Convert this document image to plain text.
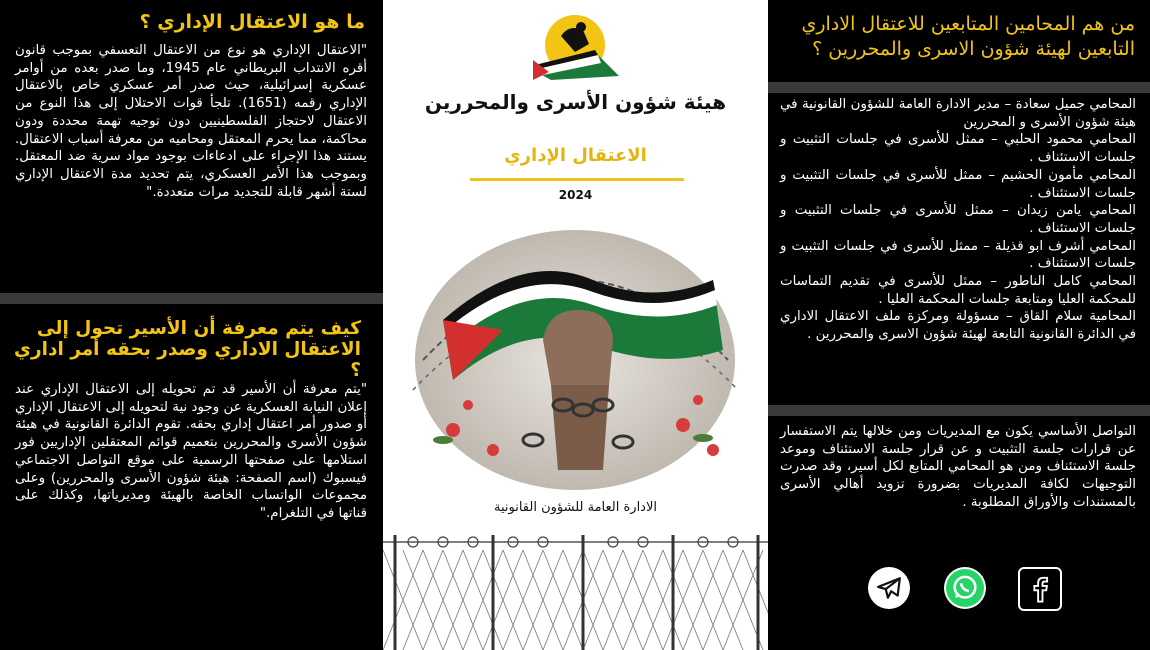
ما هو الاعتقال الإداري ؟

"الاعتقال الإداري هو نوع من الاعتقال التعسفي بموجب قانون أقره الانتداب البريطاني عام 1945، وما صدر بعده من أوامر عسكرية إسرائيلية، حيث صدر أمر عسكري خاص بالاعتقال الإداري رقمه (1651). تلجأ قوات الاحتلال إلى هذا النوع من الاعتقال لاحتجاز الفلسطينيين دون توجيه تهمة محددة ودون محاكمة، مما يحرم المعتقل ومحاميه من معرفة أسباب الاعتقال. يستند هذا الإجراء على ادعاءات بوجود مواد سرية ضد المعتقل. وبموجب هذا الأمر العسكري، يتم تحديد مدة الاعتقال الإداري لستة أشهر قابلة للتجديد مرات متعددة."

كيف يتم معرفة أن الأسير تحول إلى الاعتقال الاداري وصدر بحقه أمر اداري ؟

"يتم معرفة أن الأسير قد تم تحويله إلى الاعتقال الإداري عند إعلان النيابة العسكرية عن وجود نية لتحويله إلى الاعتقال الإداري أو صدور أمر اعتقال إداري بحقه. تقوم الدائرة القانونية في هيئة شؤون الأسرى والمحررين بتعميم قوائم المعتقلين الإداريين فور استلامها على صفحتها الرسمية على موقع التواصل الاجتماعي فيسبوك (اسم الصفحة: هيئة شؤون الأسرى والمحررين) وعلى مجموعات الواتساب الخاصة بالهيئة ومديرياتها، وكذلك على قناتها في التلغرام."

هيئة شؤون الأسرى والمحررين
الاعتقال الإداري
2024
الادارة العامة للشؤون القانونية
من هم المحامين المتابعين للاعتقال الاداري التابعين لهيئة شؤون الاسرى والمحررين ؟
المحامي جميل سعادة – مدير الادارة العامة للشؤون القانونية في هيئة شؤون الأسرى و المحررين
المحامي محمود الحلبي – ممثل للأسرى في جلسات التثبيت و جلسات الاستئناف .
المحامي مأمون الحشيم – ممثل للأسرى في جلسات التثبيت و جلسات الاستئناف .
المحامي يامن زيدان – ممثل للأسرى في جلسات التثبيت و جلسات الاستئناف .
المحامي أشرف ابو قذيلة – ممثل للأسرى في جلسات التثبيت و جلسات الاستئناف .
المحامي كامل الناطور – ممثل للأسرى في تقديم التماسات للمحكمة العليا ومتابعة جلسات المحكمة العليا .
المحامية سلام القاق – مسؤولة ومركزة ملف الاعتقال الاداري في الدائرة القانونية التابعة لهيئة شؤون الاسرى والمحررين .

التواصل الأساسي يكون مع المديريات ومن خلالها يتم الاستفسار عن قرارات جلسة التثبيت و عن قرار جلسة الاستئناف وموعد جلسة الاستئناف ومن هو المحامي المتابع لكل أسير، وقد صدرت التوجيهات لكافة المديريات بضرورة تزويد أهالي الأسرى بالمستندات والأوراق المطلوبة .
